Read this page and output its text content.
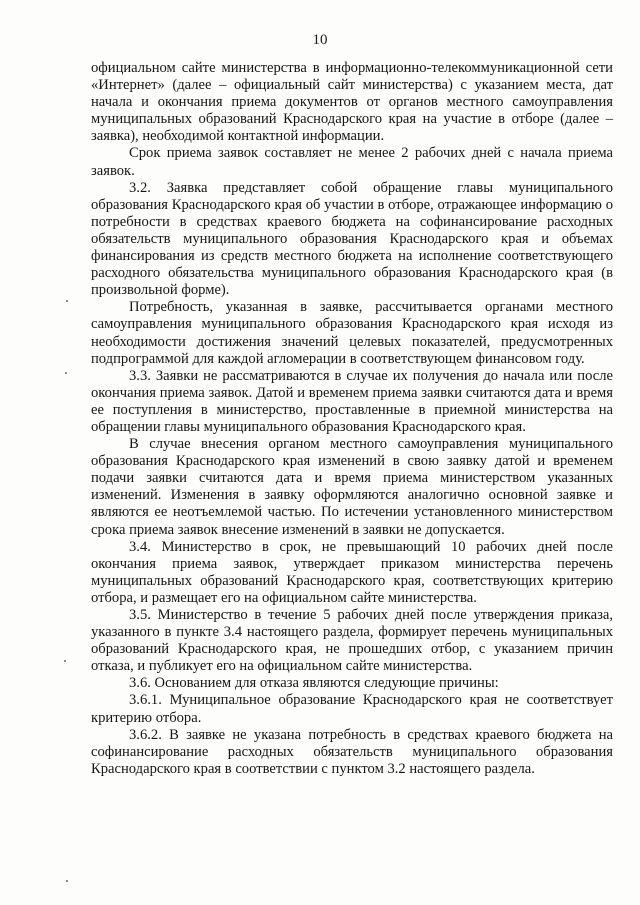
10

официальном сайте министерства в информационно-телекоммуникационной сети «Интернет» (далее – официальный сайт министерства) с указанием места, дат начала и окончания приема документов от органов местного самоуправления муниципальных образований Краснодарского края на участие в отборе (далее – заявка), необходимой контактной информации.

Срок приема заявок составляет не менее 2 рабочих дней с начала приема заявок.

3.2. Заявка представляет собой обращение главы муниципального образования Краснодарского края об участии в отборе, отражающее информацию о потребности в средствах краевого бюджета на софинансирование расходных обязательств муниципального образования Краснодарского края и объемах финансирования из средств местного бюджета на исполнение соответствующего расходного обязательства муниципального образования Краснодарского края (в произвольной форме).

Потребность, указанная в заявке, рассчитывается органами местного самоуправления муниципального образования Краснодарского края исходя из необходимости достижения значений целевых показателей, предусмотренных подпрограммой для каждой агломерации в соответствующем финансовом году.

3.3. Заявки не рассматриваются в случае их получения до начала или после окончания приема заявок. Датой и временем приема заявки считаются дата и время ее поступления в министерство, проставленные в приемной министерства на обращении главы муниципального образования Краснодарского края.

В случае внесения органом местного самоуправления муниципального образования Краснодарского края изменений в свою заявку датой и временем подачи заявки считаются дата и время приема министерством указанных изменений. Изменения в заявку оформляются аналогично основной заявке и являются ее неотъемлемой частью. По истечении установленного министерством срока приема заявок внесение изменений в заявки не допускается.

3.4. Министерство в срок, не превышающий 10 рабочих дней после окончания приема заявок, утверждает приказом министерства перечень муниципальных образований Краснодарского края, соответствующих критерию отбора, и размещает его на официальном сайте министерства.

3.5. Министерство в течение 5 рабочих дней после утверждения приказа, указанного в пункте 3.4 настоящего раздела, формирует перечень муниципальных образований Краснодарского края, не прошедших отбор, с указанием причин отказа, и публикует его на официальном сайте министерства.

3.6. Основанием для отказа являются следующие причины:

3.6.1. Муниципальное образование Краснодарского края не соответствует критерию отбора.

3.6.2. В заявке не указана потребность в средствах краевого бюджета на софинансирование расходных обязательств муниципального образования Краснодарского края в соответствии с пунктом 3.2 настоящего раздела.
